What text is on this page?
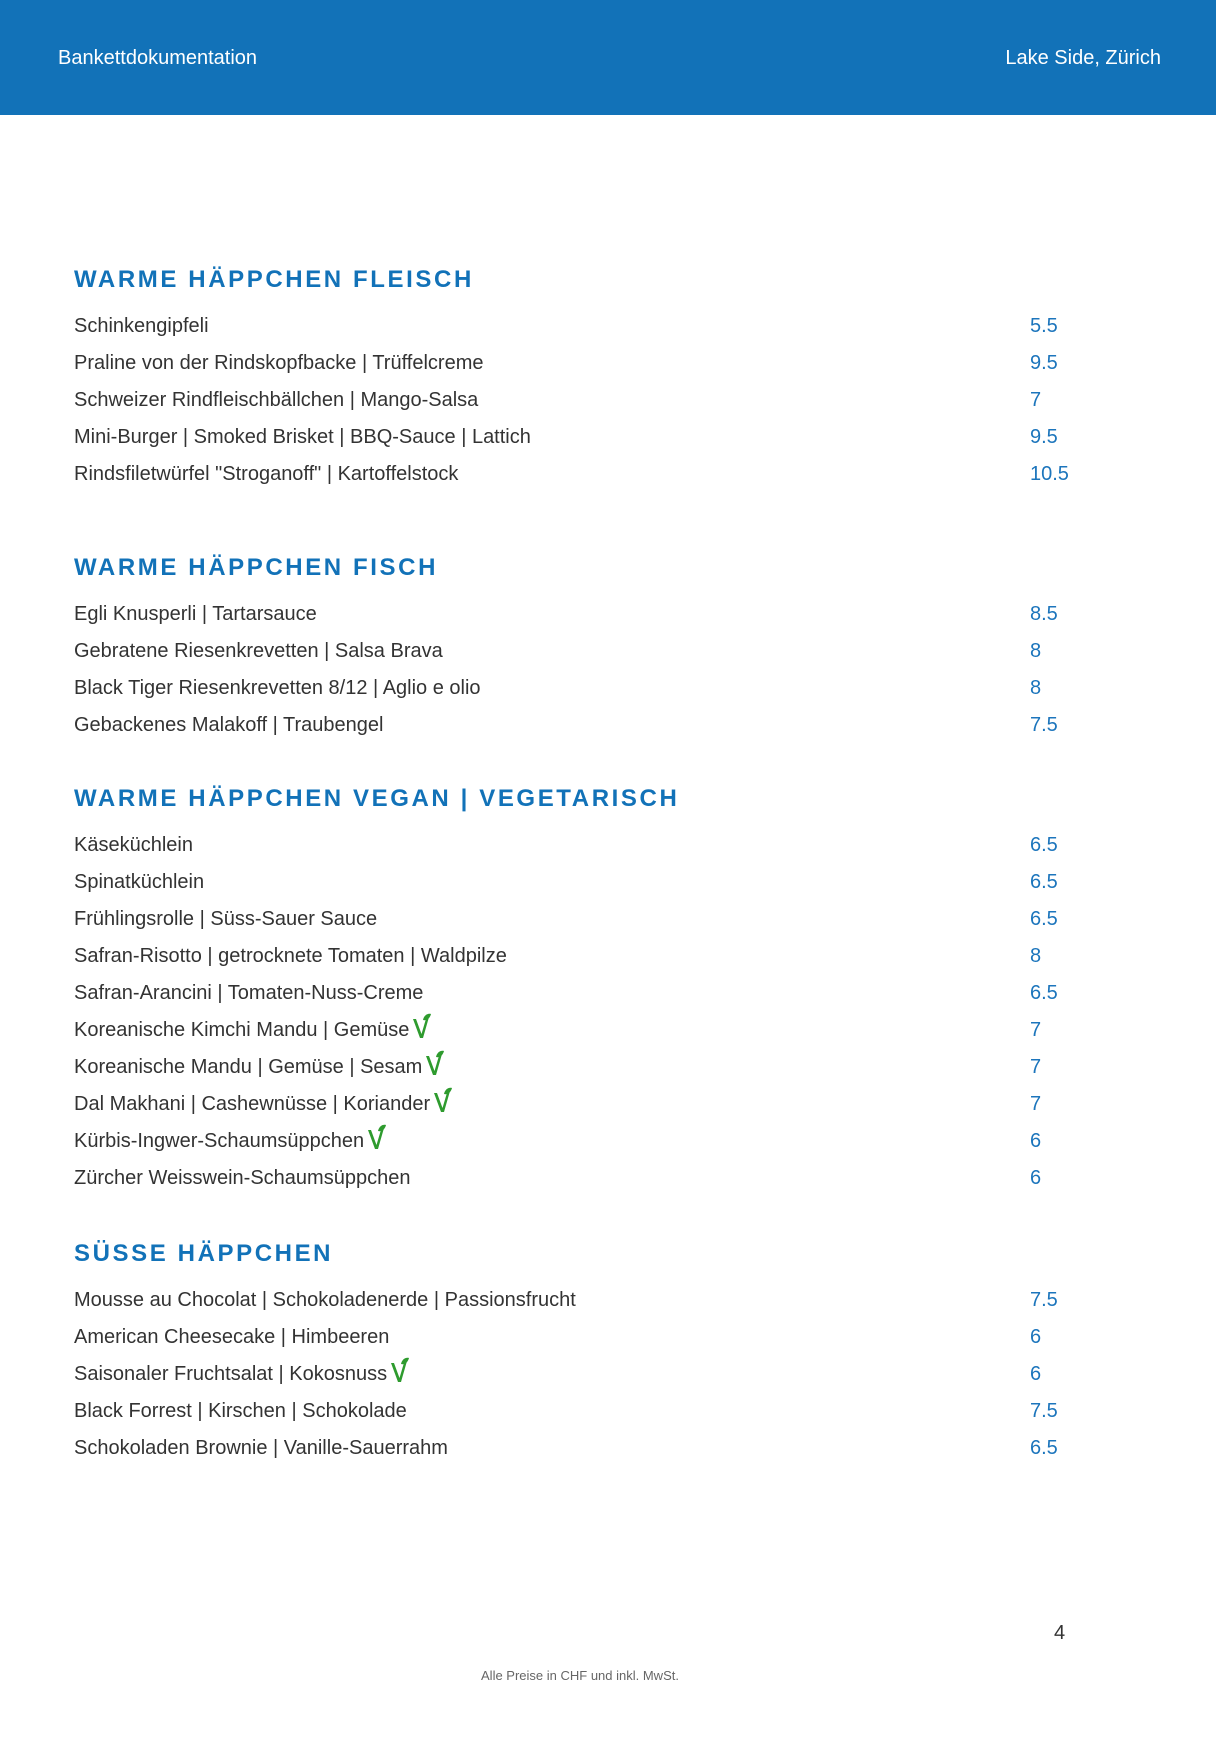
Bankettdokumentation	Lake Side, Zürich
WARME HÄPPCHEN FLEISCH
Schinkengipfeli	5.5
Praline von der Rindskopfbacke | Trüffelcreme	9.5
Schweizer Rindfleischbällchen | Mango-Salsa	7
Mini-Burger | Smoked Brisket | BBQ-Sauce | Lattich	9.5
Rindsfiletwürfel "Stroganoff" | Kartoffelstock	10.5
WARME HÄPPCHEN FISCH
Egli Knusperli | Tartarsauce	8.5
Gebratene Riesenkrevetten | Salsa Brava	8
Black Tiger Riesenkrevetten 8/12 | Aglio e olio	8
Gebackenes Malakoff | Traubengel	7.5
WARME HÄPPCHEN VEGAN | VEGETARISCH
Käseküchlein	6.5
Spinatküchlein	6.5
Frühlingsrolle | Süss-Sauer Sauce	6.5
Safran-Risotto | getrocknete Tomaten | Waldpilze	8
Safran-Arancini | Tomaten-Nuss-Creme	6.5
Koreanische Kimchi Mandu | Gemüse	7
Koreanische Mandu | Gemüse | Sesam	7
Dal Makhani | Cashewnüsse | Koriander	7
Kürbis-Ingwer-Schaumsüppchen	6
Zürcher Weisswein-Schaumsüppchen	6
SÜSSE HÄPPCHEN
Mousse au Chocolat | Schokoladenerde | Passionsfrucht	7.5
American Cheesecake | Himbeeren	6
Saisonaler Fruchtsalat | Kokosnuss	6
Black Forrest | Kirschen | Schokolade	7.5
Schokoladen Brownie | Vanille-Sauerrahm	6.5
4
Alle Preise in CHF und inkl. MwSt.
